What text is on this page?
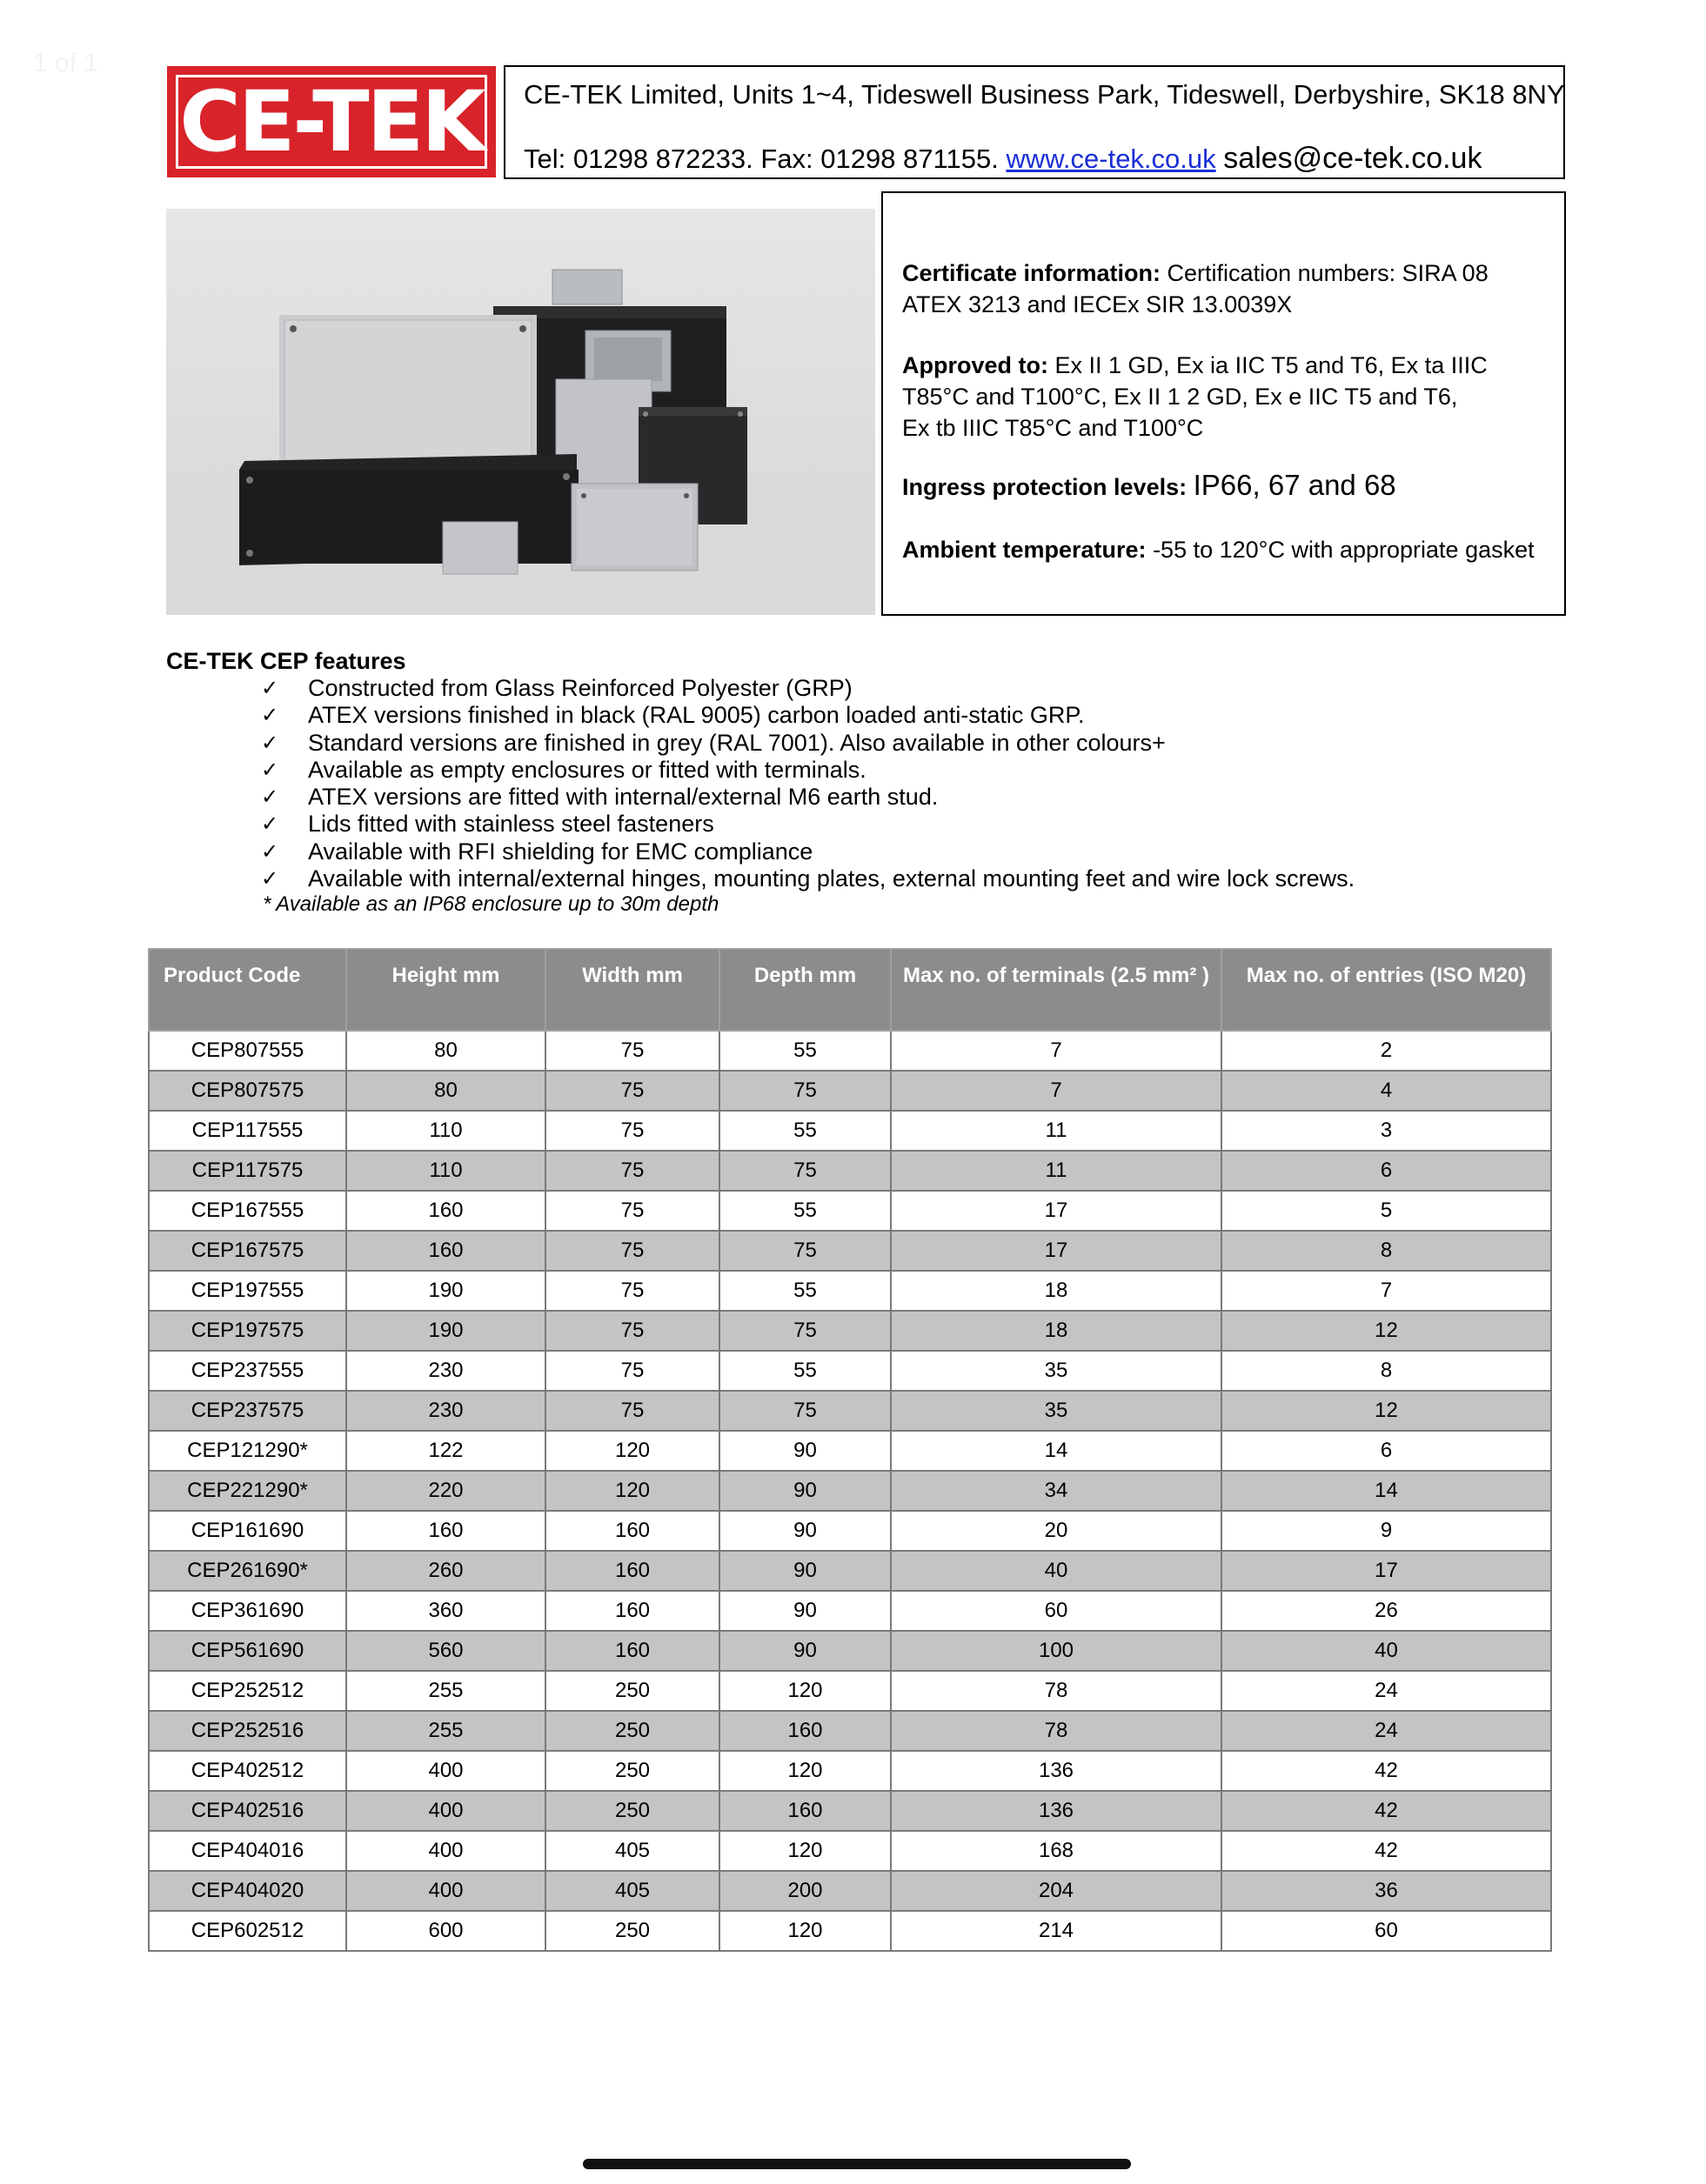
1 of 1
CE-TEK CE-TEK Limited, Units 1~4, Tideswell Business Park, Tideswell, Derbyshire, SK18 8NY
Tel: 01298 872233. Fax: 01298 871155. www.ce-tek.co.uk sales@ce-tek.co.uk
Certificate information: Certification numbers: SIRA 08
ATEX 3213 and IECEx SIR 13.0039X
Approved to: Ex II 1 GD, Ex ia IIC T5 and T6, Ex ta IIIC
T85°C and T100°C, Ex II 1 2 GD, Ex e IIC T5 and T6,
Ex tb IIIC T85°C and T100°C
Ingress protection levels: IP66, 67 and 68
Ambient temperature: -55 to 120°C with appropriate gasket
CE-TEK CEP features
✓ Constructed from Glass Reinforced Polyester (GRP)
✓ ATEX versions finished in black (RAL 9005) carbon loaded anti-static GRP.
✓ Standard versions are finished in grey (RAL 7001). Also available in other colours+
✓ Available as empty enclosures or fitted with terminals.
✓ ATEX versions are fitted with internal/external M6 earth stud.
✓ Lids fitted with stainless steel fasteners
✓ Available with RFI shielding for EMC compliance
✓ Available with internal/external hinges, mounting plates, external mounting feet and wire lock screws.
* Available as an IP68 enclosure up to 30m depth
Product Code	Height mm	Width mm	Depth mm	Max no. of terminals (2.5 mm² )	Max no. of entries (ISO M20)

CEP807555	80	75	55	7	2
CEP807575	80	75	75	7	4
CEP117555	110	75	55	11	3
CEP117575	110	75	75	11	6
CEP167555	160	75	55	17	5
CEP167575	160	75	75	17	8
CEP197555	190	75	55	18	7
CEP197575	190	75	75	18	12
CEP237555	230	75	55	35	8
CEP237575	230	75	75	35	12
CEP121290*	122	120	90	14	6
CEP221290*	220	120	90	34	14
CEP161690	160	160	90	20	9
CEP261690*	260	160	90	40	17
CEP361690	360	160	90	60	26
CEP561690	560	160	90	100	40
CEP252512	255	250	120	78	24
CEP252516	255	250	160	78	24
CEP402512	400	250	120	136	42
CEP402516	400	250	160	136	42
CEP404016	400	405	120	168	42
CEP404020	400	405	200	204	36
CEP602512	600	250	120	214	60
